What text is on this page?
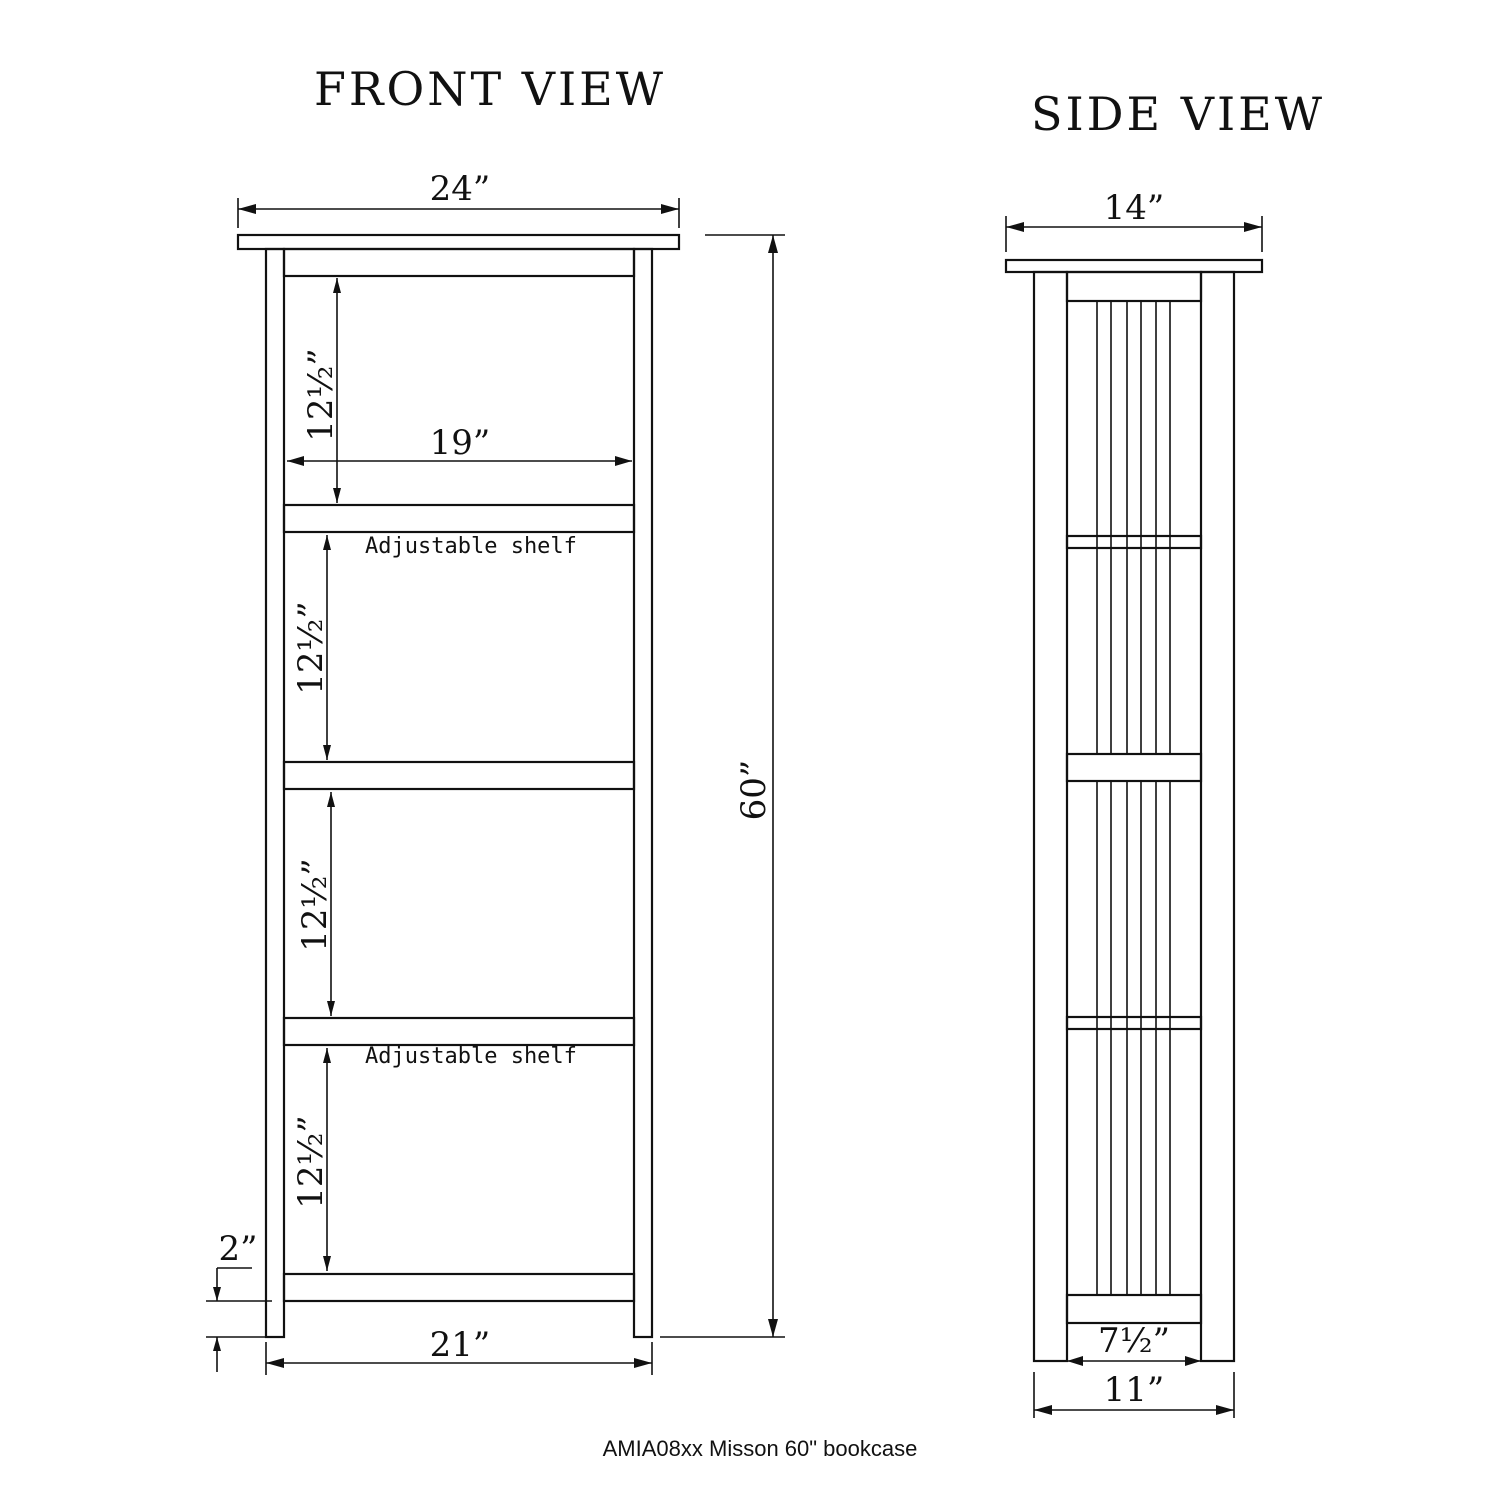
FRONT VIEW	SIDE VIEW
24”
19”
21”
60”
2”
12½”
12½”
12½”
12½”
Adjustable shelf
Adjustable shelf
14”
7½”
11”
AMIA08xx Misson 60" bookcase
